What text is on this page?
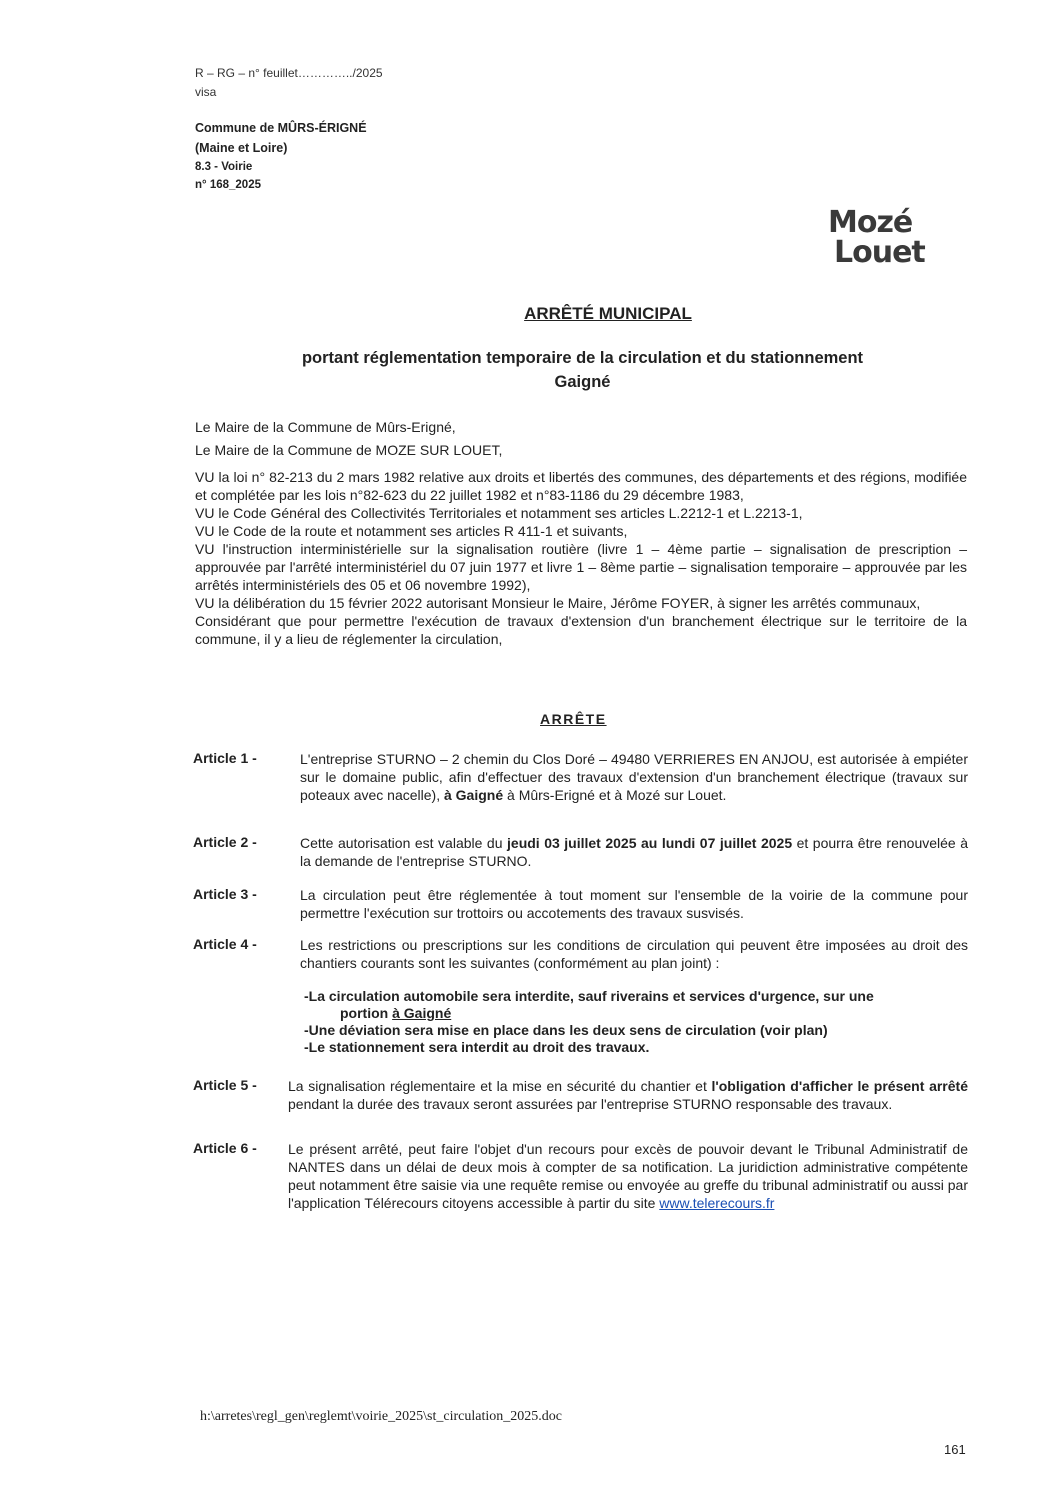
R – RG – n° feuillet…………../2025
visa
Commune de MÛRS-ÉRIGNÉ
(Maine et Loire)
8.3 - Voirie
n° 168_2025
Mozé
Louet
ARRÊTÉ MUNICIPAL
portant réglementation temporaire de la circulation et du stationnement
Gaigné
Le Maire de la Commune de Mûrs-Erigné,
Le Maire de la Commune de MOZE SUR LOUET,

VU la loi n° 82-213 du 2 mars 1982 relative aux droits et libertés des communes, des départements et des régions, modifiée et complétée par les lois n°82-623 du 22 juillet 1982 et n°83-1186 du 29 décembre 1983,

VU le Code Général des Collectivités Territoriales et notamment ses articles L.2212-1 et L.2213-1,

VU le Code de la route et notamment ses articles R 411-1 et suivants,

VU l'instruction interministérielle sur la signalisation routière (livre 1 – 4ème partie – signalisation de prescription – approuvée par l'arrêté interministériel du 07 juin 1977 et livre 1 – 8ème partie – signalisation temporaire – approuvée par les arrêtés interministériels des 05 et 06 novembre 1992),

VU la délibération du 15 février 2022 autorisant Monsieur le Maire, Jérôme FOYER, à signer les arrêtés communaux,

Considérant que pour permettre l'exécution de travaux d'extension d'un branchement électrique sur le territoire de la commune, il y a lieu de réglementer la circulation,

ARRÊTE
Article 1 -	L'entreprise STURNO – 2 chemin du Clos Doré – 49480 VERRIERES EN ANJOU, est autorisée à empiéter sur le domaine public, afin d'effectuer des travaux d'extension d'un branchement électrique (travaux sur poteaux avec nacelle), à Gaigné à Mûrs-Erigné et à Mozé sur Louet.

Article 2 -	Cette autorisation est valable du jeudi 03 juillet 2025 au lundi 07 juillet 2025 et pourra être renouvelée à la demande de l'entreprise STURNO.

Article 3 -	La circulation peut être réglementée à tout moment sur l'ensemble de la voirie de la commune pour permettre l'exécution sur trottoirs ou accotements des travaux susvisés.
Article 4 -	Les restrictions ou prescriptions sur les conditions de circulation qui peuvent être imposées au droit des chantiers courants sont les suivantes (conformément au plan joint) :

-La circulation automobile sera interdite, sauf riverains et services d'urgence, sur une

portion à Gaigné

-Une déviation sera mise en place dans les deux sens de circulation (voir plan)

-Le stationnement sera interdit au droit des travaux.

Article 5 - La signalisation réglementaire et la mise en sécurité du chantier et l'obligation d'afficher le présent arrêté pendant la durée des travaux seront assurées par l'entreprise STURNO responsable des travaux.

Article 6 - Le présent arrêté, peut faire l'objet d'un recours pour excès de pouvoir devant le Tribunal Administratif de NANTES dans un délai de deux mois à compter de sa notification. La juridiction administrative compétente peut notamment être saisie via une requête remise ou envoyée au greffe du tribunal administratif ou aussi par l'application Télérecours citoyens accessible à partir du site www.telerecours.fr

h:\arretes\regl_gen\reglemt\voirie_2025\st_circulation_2025.doc
161
